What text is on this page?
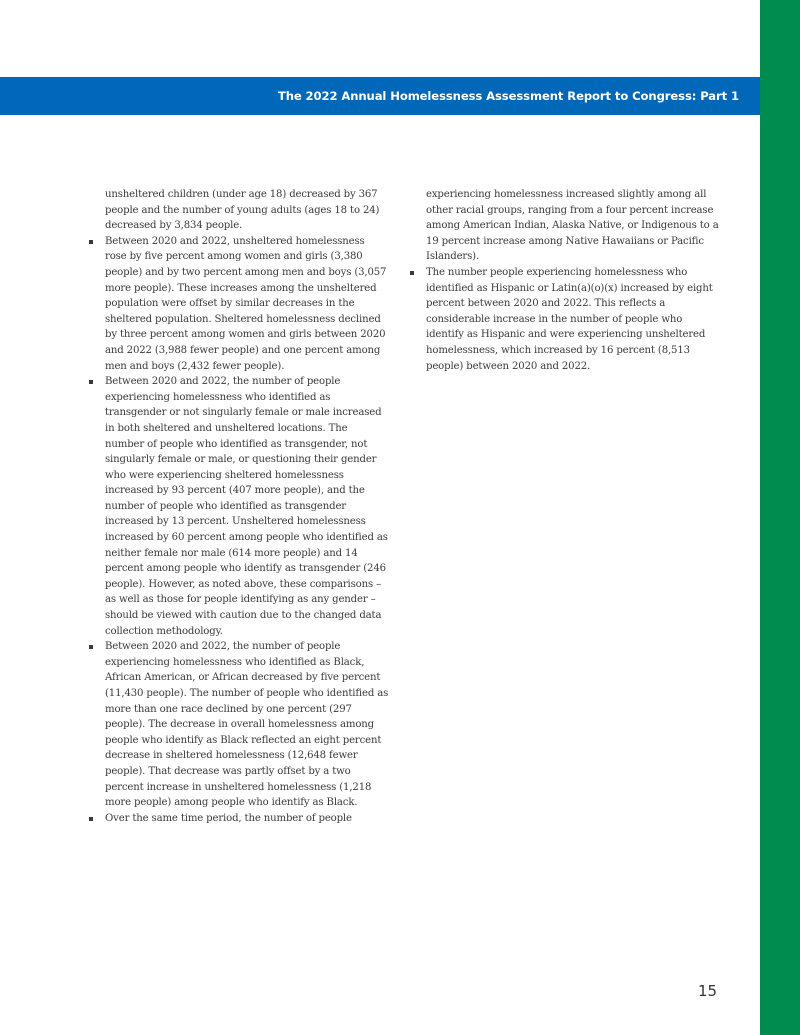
The 2022 Annual Homelessness Assessment Report to Congress: Part 1

unsheltered children (under age 18) decreased by 367 people and the number of young adults (ages 18 to 24) decreased by 3,834 people.

Between 2020 and 2022, unsheltered homelessness rose by five percent among women and girls (3,380 people) and by two percent among men and boys (3,057 more people). These increases among the unsheltered population were offset by similar decreases in the sheltered population. Sheltered homelessness declined by three percent among women and girls between 2020 and 2022 (3,988 fewer people) and one percent among men and boys (2,432 fewer people).
Between 2020 and 2022, the number of people experiencing homelessness who identified as transgender or not singularly female or male increased in both sheltered and unsheltered locations. The number of people who identified as transgender, not singularly female or male, or questioning their gender who were experiencing sheltered homelessness increased by 93 percent (407 more people), and the number of people who identified as transgender increased by 13 percent. Unsheltered homelessness increased by 60 percent among people who identified as neither female nor male (614 more people) and 14 percent among people who identify as transgender (246 people). However, as noted above, these comparisons – as well as those for people identifying as any gender – should be viewed with caution due to the changed data collection methodology.
Between 2020 and 2022, the number of people experiencing homelessness who identified as Black, African American, or African decreased by five percent (11,430 people). The number of people who identified as more than one race declined by one percent (297 people). The decrease in overall homelessness among people who identify as Black reflected an eight percent decrease in sheltered homelessness (12,648 fewer people). That decrease was partly offset by a two percent increase in unsheltered homelessness (1,218 more people) among people who identify as Black.
Over the same time period, the number of people

experiencing homelessness increased slightly among all other racial groups, ranging from a four percent increase among American Indian, Alaska Native, or Indigenous to a 19 percent increase among Native Hawaiians or Pacific Islanders).

The number people experiencing homelessness who identified as Hispanic or Latin(a)(o)(x) increased by eight percent between 2020 and 2022. This reflects a considerable increase in the number of people who identify as Hispanic and were experiencing unsheltered homelessness, which increased by 16 percent (8,513 people) between 2020 and 2022.
15
